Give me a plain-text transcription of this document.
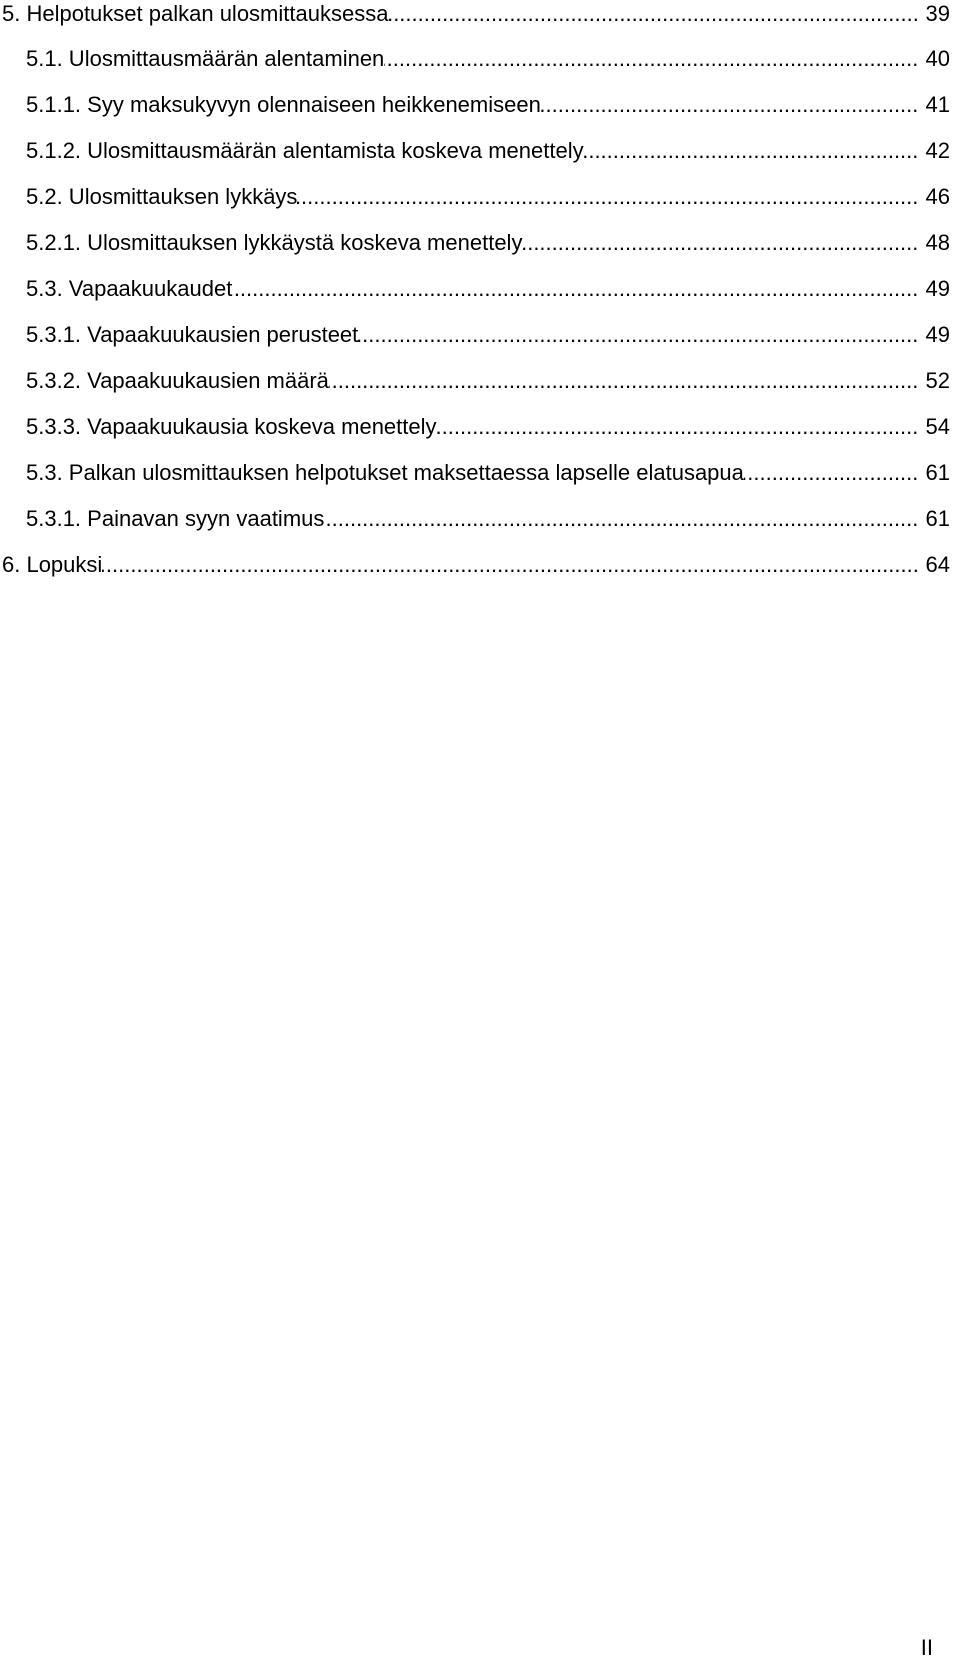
5. Helpotukset palkan ulosmittauksessa	39
.....
5.1. Ulosmittausmäärän alentaminen	40
.....
5.1.1. Syy maksukyvyn olennaiseen heikkenemiseen	41
.....
5.1.2. Ulosmittausmäärän alentamista koskeva menettely	42
.....
5.2. Ulosmittauksen lykkäys	46
.....
5.2.1. Ulosmittauksen lykkäystä koskeva menettely	48
.....
5.3. Vapaakuukaudet	49
.....
5.3.1. Vapaakuukausien perusteet	49
.....
5.3.2. Vapaakuukausien määrä	52
.....
5.3.3. Vapaakuukausia koskeva menettely	54
.....
5.3. Palkan ulosmittauksen helpotukset maksettaessa lapselle elatusapua	61
.....
5.3.1. Painavan syyn vaatimus	61
.....
6. Lopuksi	64
.....
II
